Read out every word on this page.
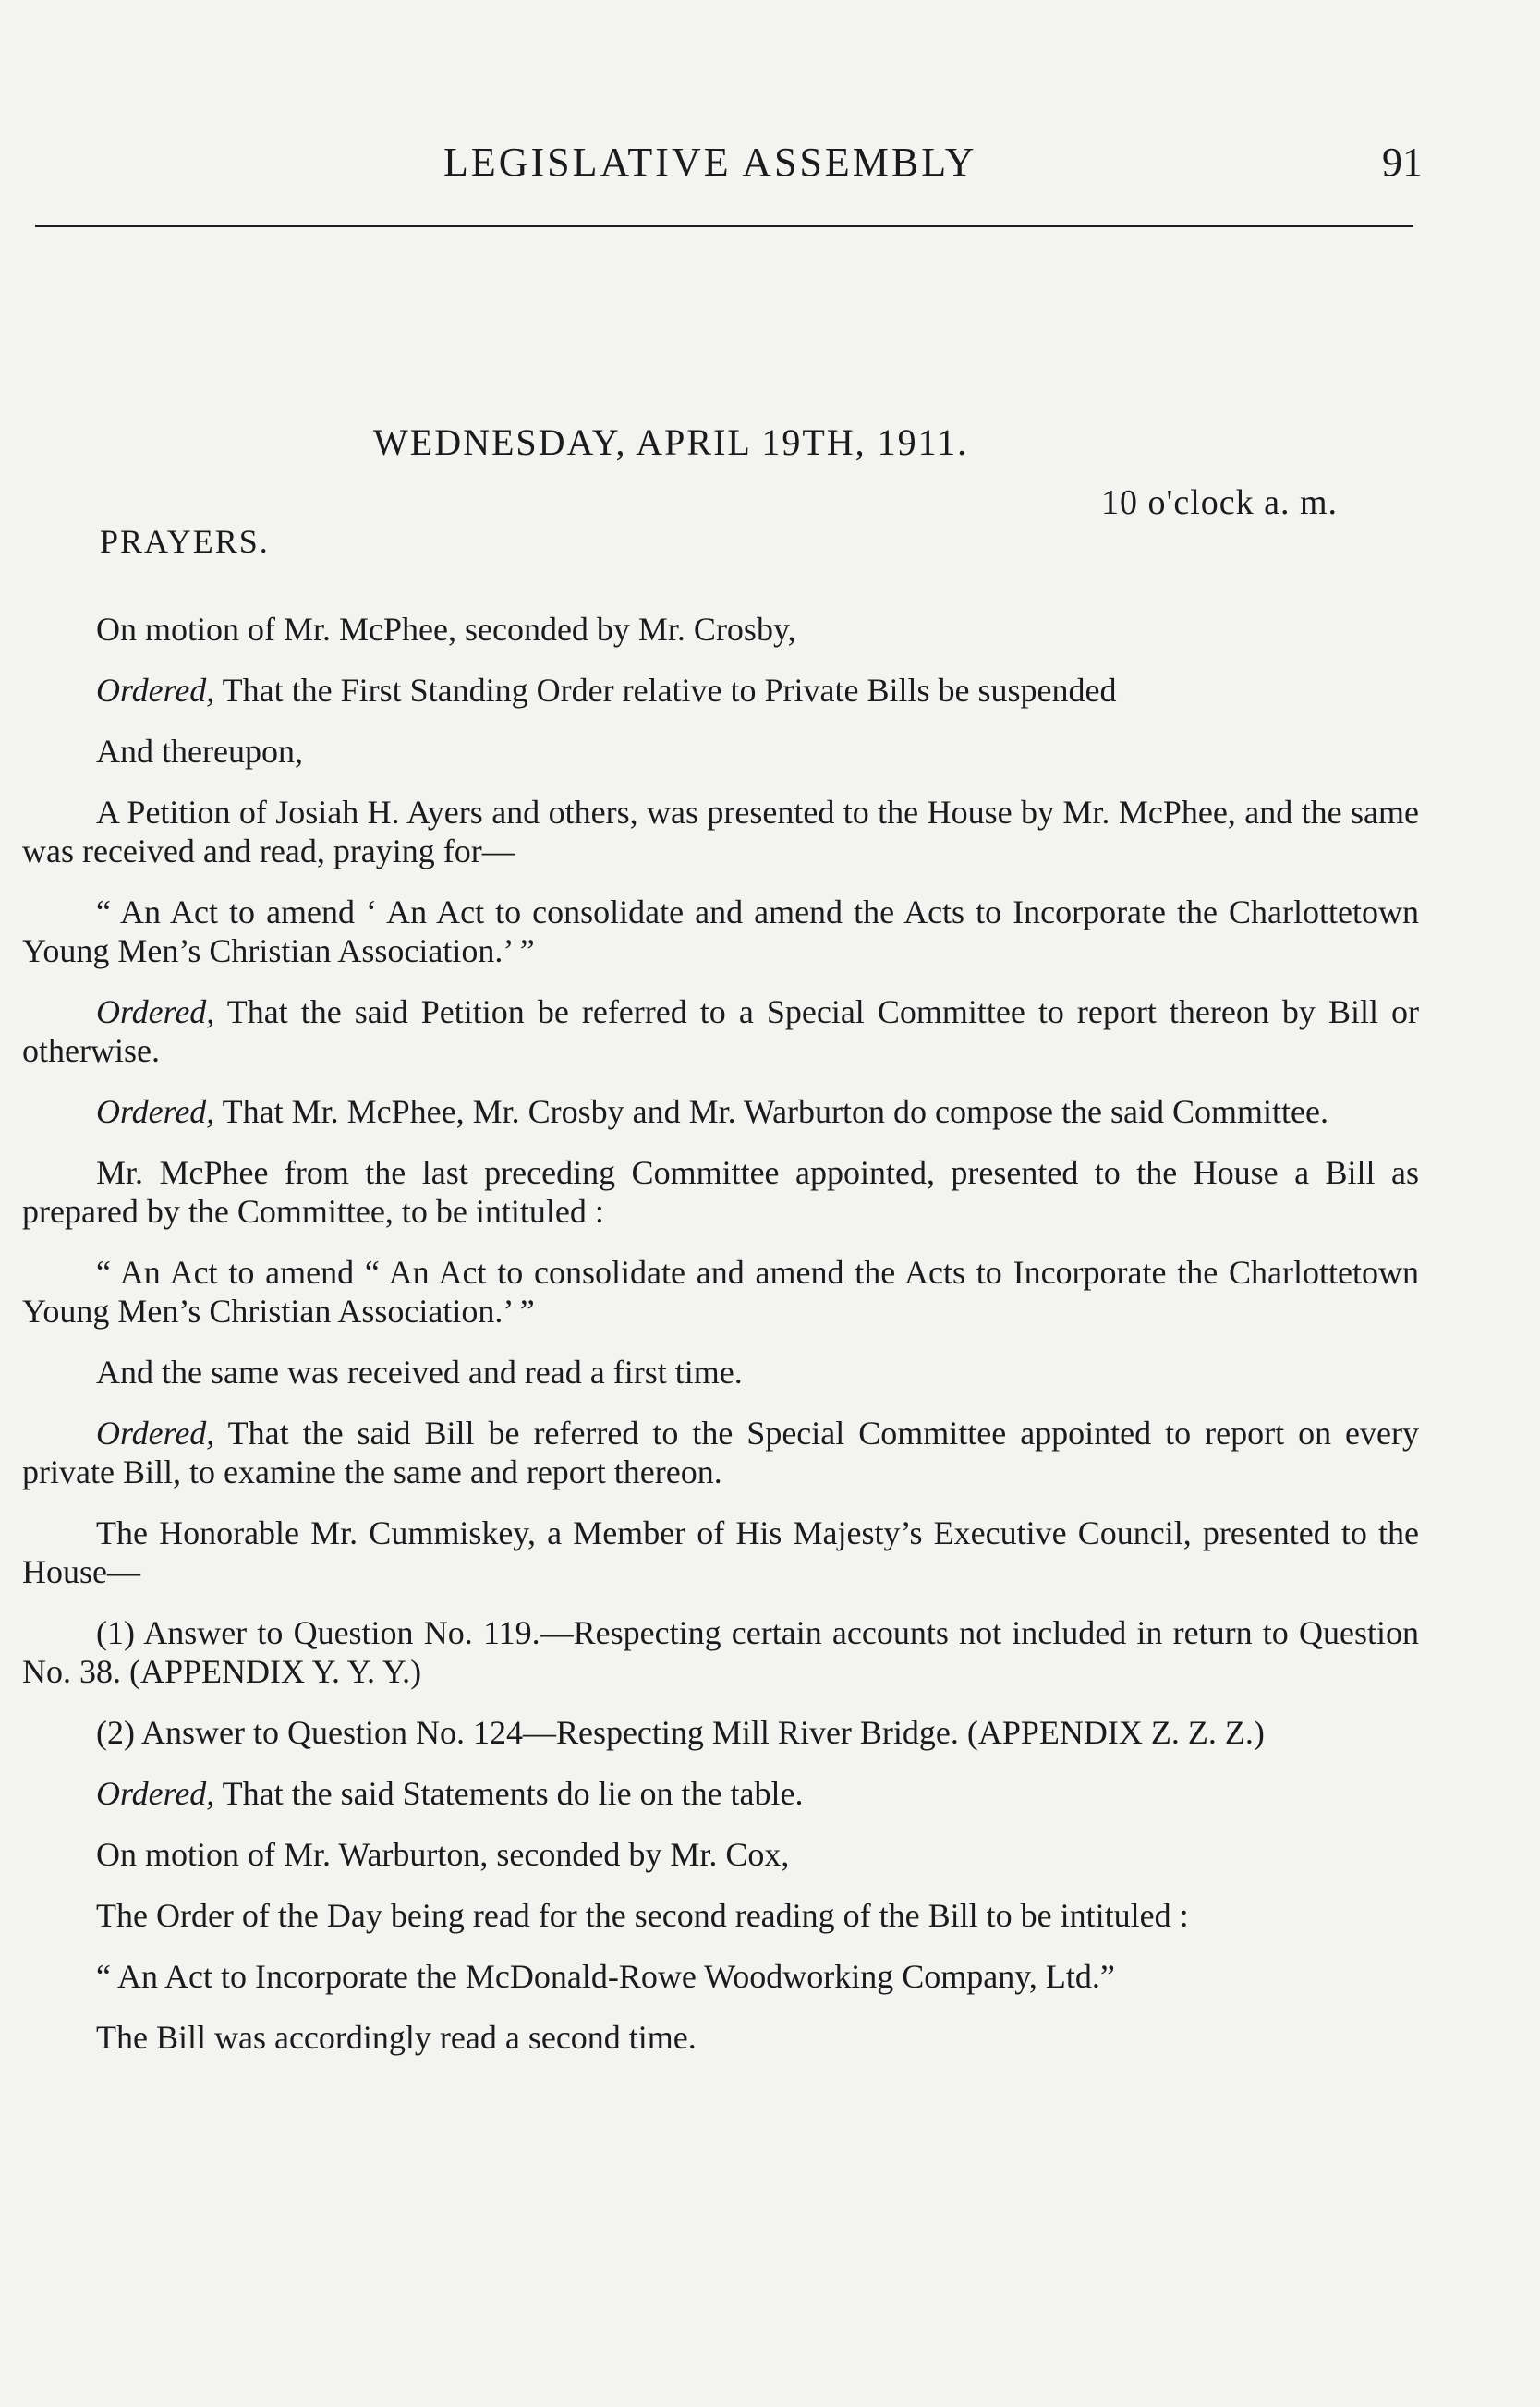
LEGISLATIVE ASSEMBLY	91
WEDNESDAY, APRIL 19TH, 1911.
10 o'clock a. m.
PRAYERS.

On motion of Mr. McPhee, seconded by Mr. Crosby,

Ordered, That the First Standing Order relative to Private Bills be suspended

And thereupon,

A Petition of Josiah H. Ayers and others, was presented to the House by Mr. McPhee, and the same was received and read, praying for—

“ An Act to amend ‘ An Act to consolidate and amend the Acts to Incorporate the Charlottetown Young Men’s Christian Association.’ ”

Ordered, That the said Petition be referred to a Special Committee to report thereon by Bill or otherwise.

Ordered, That Mr. McPhee, Mr. Crosby and Mr. Warburton do compose the said Committee.

Mr. McPhee from the last preceding Committee appointed, presented to the House a Bill as prepared by the Committee, to be intituled :

“ An Act to amend “ An Act to consolidate and amend the Acts to Incorporate the Charlottetown Young Men’s Christian Association.’ ”

And the same was received and read a first time.

Ordered, That the said Bill be referred to the Special Committee appointed to report on every private Bill, to examine the same and report thereon.

The Honorable Mr. Cummiskey, a Member of His Majesty’s Executive Council, presented to the House—

(1) Answer to Question No. 119.—Respecting certain accounts not included in return to Question No. 38. (APPENDIX Y. Y. Y.)

(2) Answer to Question No. 124—Respecting Mill River Bridge. (APPENDIX Z. Z. Z.)

Ordered, That the said Statements do lie on the table.

On motion of Mr. Warburton, seconded by Mr. Cox,

The Order of the Day being read for the second reading of the Bill to be intituled :

“ An Act to Incorporate the McDonald-Rowe Woodworking Company, Ltd.”

The Bill was accordingly read a second time.
